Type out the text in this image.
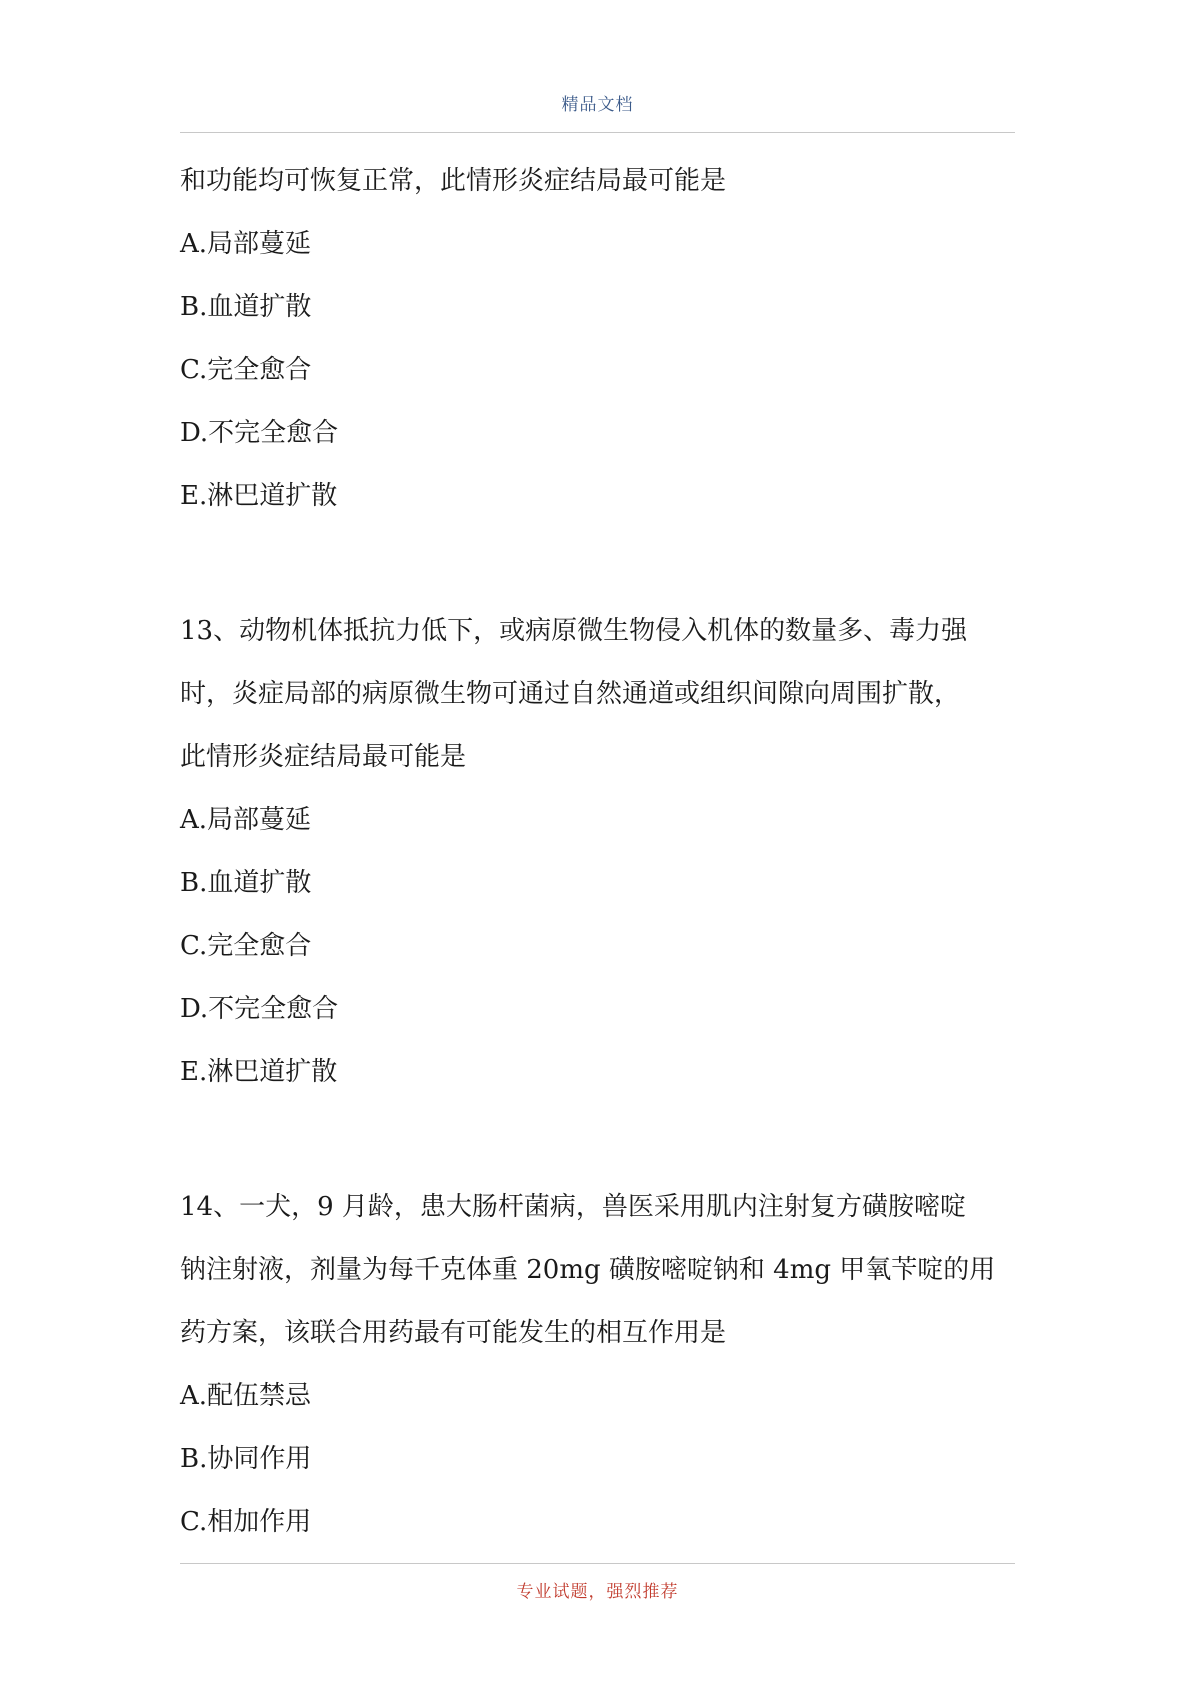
精品文档
和功能均可恢复正常，此情形炎症结局最可能是
A.局部蔓延
B.血道扩散
C.完全愈合
D.不完全愈合
E.淋巴道扩散
13、动物机体抵抗力低下，或病原微生物侵入机体的数量多、毒力强
时，炎症局部的病原微生物可通过自然通道或组织间隙向周围扩散，
此情形炎症结局最可能是
A.局部蔓延
B.血道扩散
C.完全愈合
D.不完全愈合
E.淋巴道扩散
14、一犬，9 月龄，患大肠杆菌病，兽医采用肌内注射复方磺胺嘧啶
钠注射液，剂量为每千克体重 20mg 磺胺嘧啶钠和 4mg 甲氧苄啶的用
药方案，该联合用药最有可能发生的相互作用是
A.配伍禁忌
B.协同作用
C.相加作用
专业试题，强烈推荐
